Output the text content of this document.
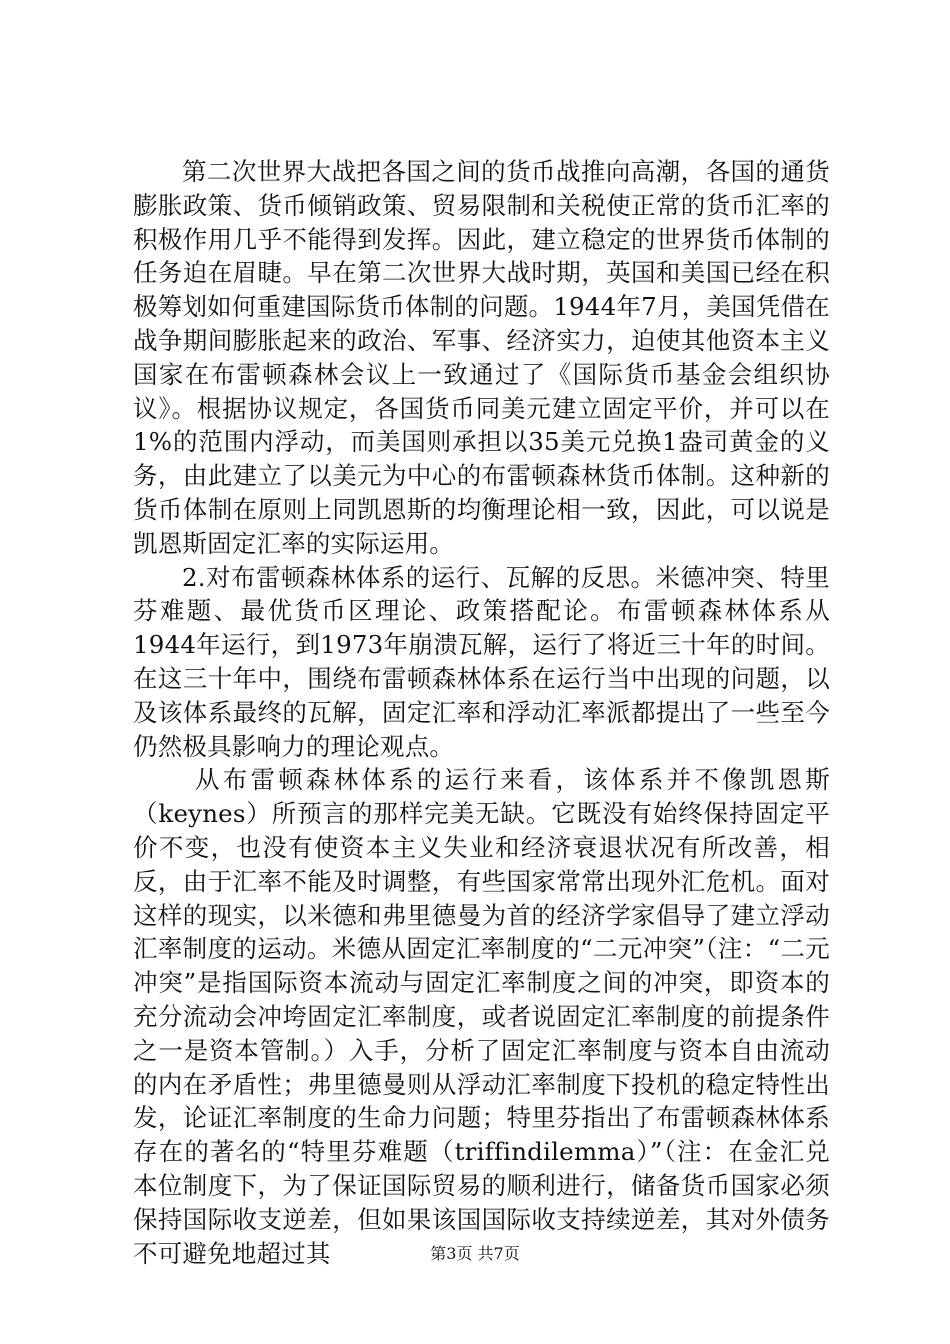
第二次世界大战把各国之间的货币战推向高潮，各国的通货膨胀政策、货币倾销政策、贸易限制和关税使正常的货币汇率的积极作用几乎不能得到发挥。因此，建立稳定的世界货币体制的任务迫在眉睫。早在第二次世界大战时期，英国和美国已经在积极筹划如何重建国际货币体制的问题。1944年7月，美国凭借在战争期间膨胀起来的政治、军事、经济实力，迫使其他资本主义国家在布雷顿森林会议上一致通过了《国际货币基金会组织协议》。根据协议规定，各国货币同美元建立固定平价，并可以在1%的范围内浮动，而美国则承担以35美元兑换1盎司黄金的义务，由此建立了以美元为中心的布雷顿森林货币体制。这种新的货币体制在原则上同凯恩斯的均衡理论相一致，因此，可以说是凯恩斯固定汇率的实际运用。

2.对布雷顿森林体系的运行、瓦解的反思。米德冲突、特里芬难题、最优货币区理论、政策搭配论。布雷顿森林体系从1944年运行，到1973年崩溃瓦解，运行了将近三十年的时间。在这三十年中，围绕布雷顿森林体系在运行当中出现的问题，以及该体系最终的瓦解，固定汇率和浮动汇率派都提出了一些至今仍然极具影响力的理论观点。

从布雷顿森林体系的运行来看，该体系并不像凯恩斯（keynes）所预言的那样完美无缺。它既没有始终保持固定平价不变，也没有使资本主义失业和经济衰退状况有所改善，相反，由于汇率不能及时调整，有些国家常常出现外汇危机。面对这样的现实，以米德和弗里德曼为首的经济学家倡导了建立浮动汇率制度的运动。米德从固定汇率制度的“二元冲突”（注：“二元冲突”是指国际资本流动与固定汇率制度之间的冲突，即资本的充分流动会冲垮固定汇率制度，或者说固定汇率制度的前提条件之一是资本管制。）入手，分析了固定汇率制度与资本自由流动的内在矛盾性；弗里德曼则从浮动汇率制度下投机的稳定特性出发，论证汇率制度的生命力问题；特里芬指出了布雷顿森林体系存在的著名的“特里芬难题（triffindilemma）”（注：在金汇兑本位制度下，为了保证国际贸易的顺利进行，储备货币国家必须保持国际收支逆差，但如果该国国际收支持续逆差，其对外债务不可避免地超过其	第3页 共7页
